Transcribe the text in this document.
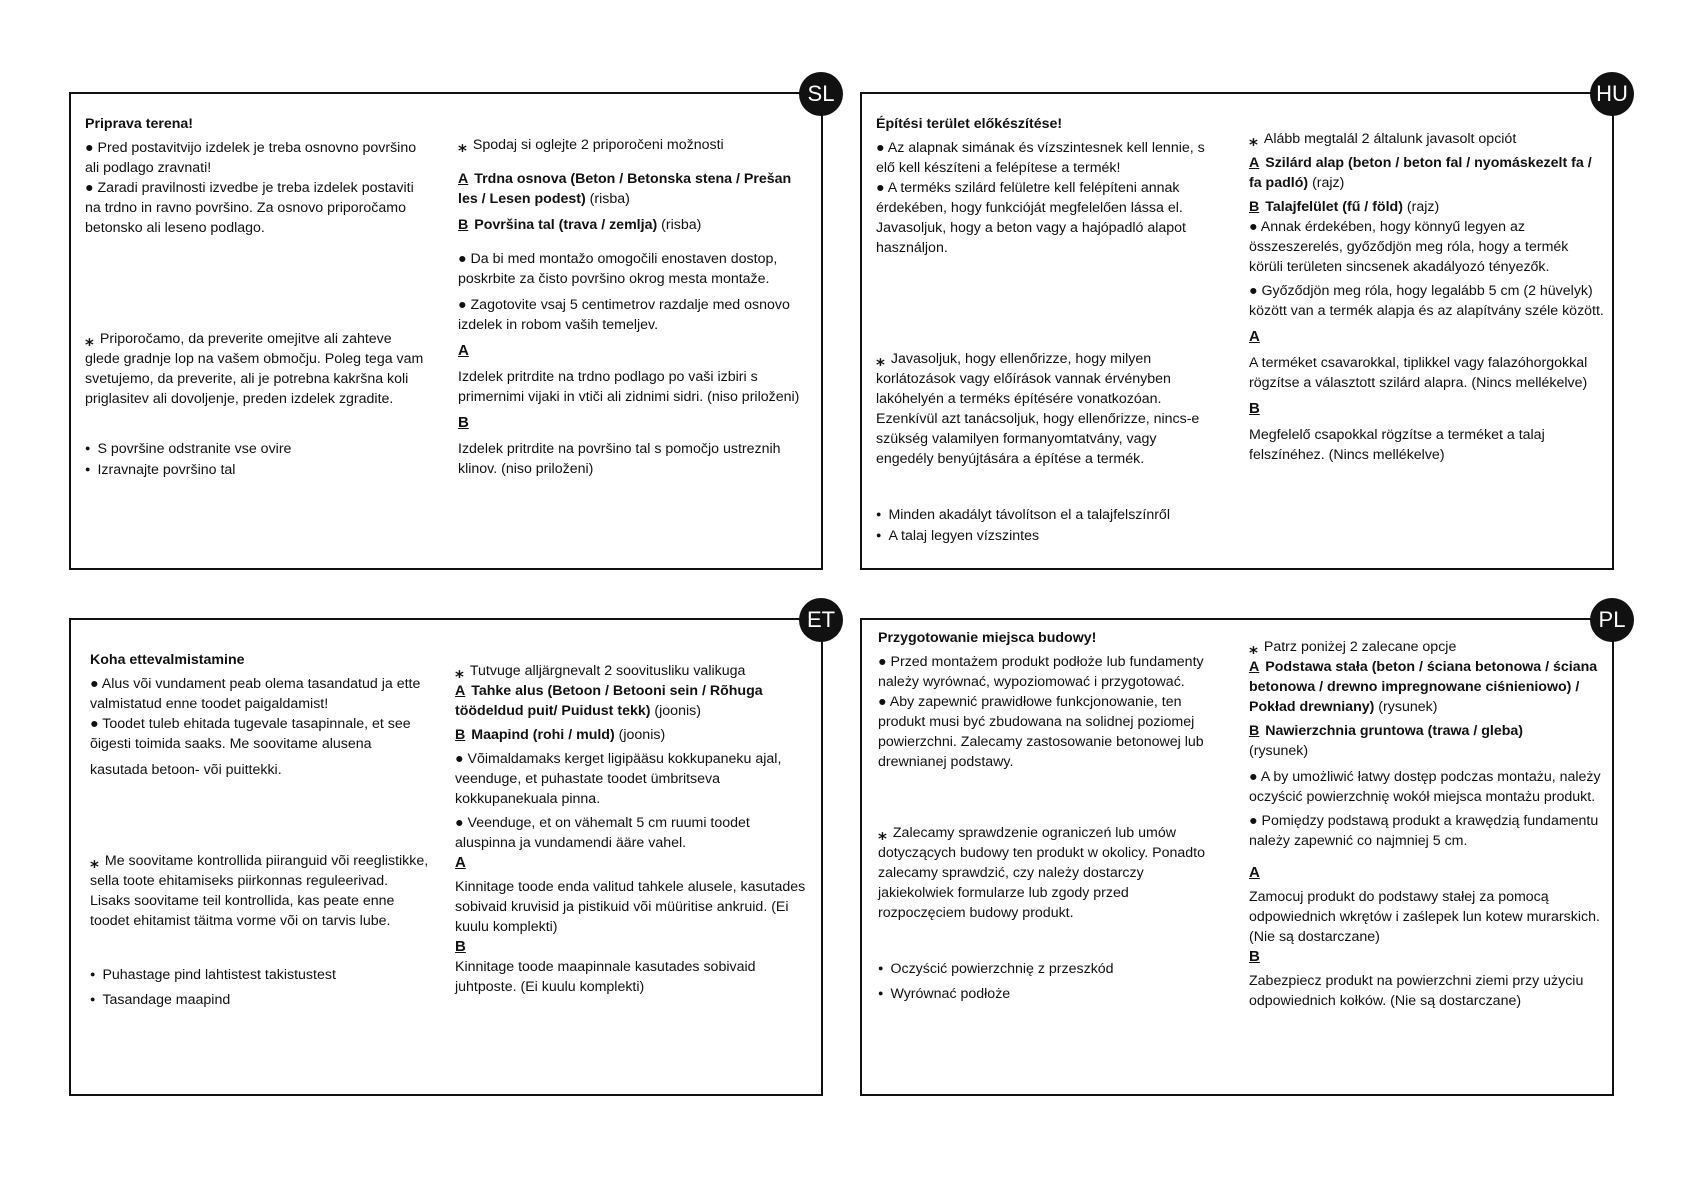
SL

Priprava terena!

● Pred postavitvijo izdelek je treba osnovno površino ali podlago zravnati!

● Zaradi pravilnosti izvedbe je treba izdelek postaviti na trdno in ravno površino. Za osnovo priporočamo betonsko ali leseno podlago.

⁎ Priporočamo, da preverite omejitve ali zahteve glede gradnje lop na vašem območju. Poleg tega vam svetujemo, da preverite, ali je potrebna kakršna koli priglasitev ali dovoljenje, preden izdelek zgradite.

● S površine odstranite vse ovire

● Izravnajte površino tal

⁎ Spodaj si oglejte 2 priporočeni možnosti

A Trdna osnova (Beton / Betonska stena / Prešan les / Lesen podest) (risba)

B Površina tal (trava / zemlja) (risba)

● Da bi med montažo omogočili enostaven dostop, poskrbite za čisto površino okrog mesta montaže.

● Zagotovite vsaj 5 centimetrov razdalje med osnovo izdelek in robom vaših temeljev.

A

Izdelek pritrdite na trdno podlago po vaši izbiri s primernimi vijaki in vtiči ali zidnimi sidri. (niso priloženi)

B

Izdelek pritrdite na površino tal s pomočjo ustreznih klinov. (niso priloženi)

HU

Építési terület előkészítése!

● Az alapnak simának és vízszintesnek kell lennie, s elő kell készíteni a felépítese a termék!

● A terméks szilárd felületre kell felépíteni annak érdekében, hogy funkcióját megfelelően lássa el. Javasoljuk, hogy a beton vagy a hajópadló alapot használjon.

⁎ Javasoljuk, hogy ellenőrizze, hogy milyen korlátozások vagy előírások vannak érvényben lakóhelyén a terméks építésére vonatkozóan. Ezenkívül azt tanácsoljuk, hogy ellenőrizze, nincs-e szükség valamilyen formanyomtatvány, vagy engedély benyújtására a építése a termék.

● Minden akadályt távolítson el a talajfelszínről

● A talaj legyen vízszintes

⁎ Alább megtalál 2 általunk javasolt opciót

A Szilárd alap (beton / beton fal / nyomáskezelt fa / fa padló) (rajz)

B Talajfelület (fű / föld) (rajz)

● Annak érdekében, hogy könnyű legyen az összeszerelés, győződjön meg róla, hogy a termék körüli területen sincsenek akadályozó tényezők.

● Győződjön meg róla, hogy legalább 5 cm (2 hüvelyk) között van a termék alapja és az alapítvány széle között.

A

A terméket csavarokkal, tiplikkel vagy falazóhorgokkal rögzítse a választott szilárd alapra. (Nincs mellékelve)

B

Megfelelő csapokkal rögzítse a terméket a talaj felszínéhez. (Nincs mellékelve)

ET

Koha ettevalmistamine

● Alus või vundament peab olema tasandatud ja ette valmistatud enne toodet paigaldamist!

● Toodet tuleb ehitada tugevale tasapinnale, et see õigesti toimida saaks. Me soovitame alusena

kasutada betoon- või puittekki.

⁎ Me soovitame kontrollida piiranguid või reeglistikke, sella toote ehitamiseks piirkonnas reguleerivad. Lisaks soovitame teil kontrollida, kas peate enne toodet ehitamist täitma vorme või on tarvis lube.

● Puhastage pind lahtistest takistustest

● Tasandage maapind

⁎ Tutvuge alljärgnevalt 2 soovitusliku valikuga

A Tahke alus (Betoon / Betooni sein / Rõhuga töödeldud puit/ Puidust tekk) (joonis)

B Maapind (rohi / muld) (joonis)

● Võimaldamaks kerget ligipääsu kokkupaneku ajal, veenduge, et puhastate toodet ümbritseva kokkupanekuala pinna.

● Veenduge, et on vähemalt 5 cm ruumi toodet aluspinna ja vundamendi ääre vahel.

A

Kinnitage toode enda valitud tahkele alusele, kasutades sobivaid kruvisid ja pistikuid või müüritise ankruid. (Ei kuulu komplekti)

B

Kinnitage toode maapinnale kasutades sobivaid juhtposte. (Ei kuulu komplekti)

PL

Przygotowanie miejsca budowy!

● Przed montażem produkt podłoże lub fundamenty należy wyrównać, wypoziomować i przygotować.

● Aby zapewnić prawidłowe funkcjonowanie, ten produkt musi być zbudowana na solidnej poziomej powierzchni. Zalecamy zastosowanie betonowej lub drewnianej podstawy.

⁎ Zalecamy sprawdzenie ograniczeń lub umów dotyczących budowy ten produkt w okolicy. Ponadto zalecamy sprawdzić, czy należy dostarczy jakiekolwiek formularze lub zgody przed rozpoczęciem budowy produkt.

● Oczyścić powierzchnię z przeszkód

● Wyrównać podłoże

⁎ Patrz poniżej 2 zalecane opcje

A Podstawa stała (beton / ściana betonowa / ściana betonowa / drewno impregnowane ciśnieniowo) / Pokład drewniany) (rysunek)

B Nawierzchnia gruntowa (trawa / gleba)

(rysunek)

● A by umożliwić łatwy dostęp podczas montażu, należy oczyścić powierzchnię wokół miejsca montażu produkt.

● Pomiędzy podstawą produkt a krawędzią fundamentu należy zapewnić co najmniej 5 cm.

A

Zamocuj produkt do podstawy stałej za pomocą odpowiednich wkrętów i zaślepek lun kotew murarskich. (Nie są dostarczane)

B

Zabezpiecz produkt na powierzchni ziemi przy użyciu odpowiednich kołków. (Nie są dostarczane)
